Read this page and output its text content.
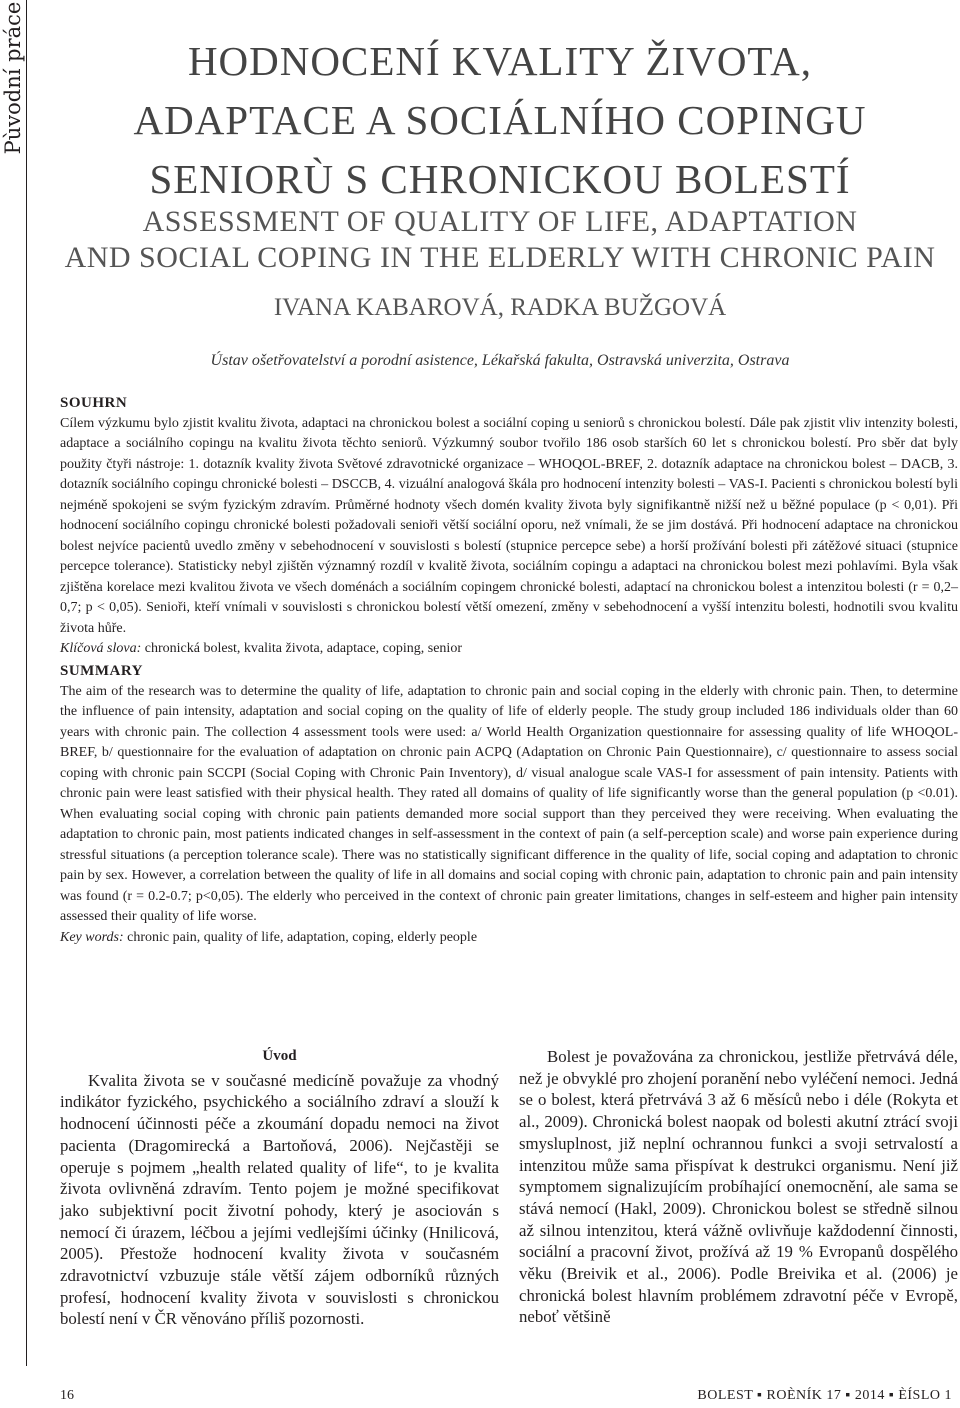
Pùvodní práce	HODNOCENÍ KVALITY ŽIVOTA,
ADAPTACE A SOCIÁLNÍHO COPINGU
SENIORÙ S CHRONICKOU BOLESTÍ
ASSESSMENT OF QUALITY OF LIFE, ADAPTATION
AND SOCIAL COPING IN THE ELDERLY WITH CHRONIC PAIN
IVANA KABAROVÁ, RADKA BUŽGOVÁ
Ústav ošetřovatelství a porodní asistence, Lékařská fakulta, Ostravská univerzita, Ostrava
SOUHRN

Cílem výzkumu bylo zjistit kvalitu života, adaptaci na chronickou bolest a sociální coping u seniorů s chronickou bolestí. Dále pak zjistit vliv intenzity bolesti, adaptace a sociálního copingu na kvalitu života těchto seniorů. Výzkumný soubor tvořilo 186 osob starších 60 let s chronickou bolestí. Pro sběr dat byly použity čtyři nástroje: 1. dotazník kvality života Světové zdravotnické organizace – WHOQOL-BREF, 2. dotazník adaptace na chronickou bolest – DACB, 3. dotazník sociálního copingu chronické bolesti – DSCCB, 4. vizuální analogová škála pro hodnocení intenzity bolesti – VAS-I. Pacienti s chronickou bolestí byli nejméně spokojeni se svým fyzickým zdravím. Průměrné hodnoty všech domén kvality života byly signifikantně nižší než u běžné populace (p < 0,01). Při hodnocení sociálního copingu chronické bolesti požadovali senioři větší sociální oporu, než vnímali, že se jim dostává. Při hodnocení adaptace na chronickou bolest nejvíce pacientů uvedlo změny v sebehodnocení v souvislosti s bolestí (stupnice percepce sebe) a horší prožívání bolesti při zátěžové situaci (stupnice percepce tolerance). Statisticky nebyl zjištěn významný rozdíl v kvalitě života, sociálním copingu a adaptaci na chronickou bolest mezi pohlavími. Byla však zjištěna korelace mezi kvalitou života ve všech doménách a sociálním copingem chronické bolesti, adaptací na chronickou bolest a intenzitou bolesti (r = 0,2–0,7; p < 0,05). Senioři, kteří vnímali v souvislosti s chronickou bolestí větší omezení, změny v sebehodnocení a vyšší intenzitu bolesti, hodnotili svou kvalitu života hůře.

Klíčová slova: chronická bolest, kvalita života, adaptace, coping, senior

SUMMARY

The aim of the research was to determine the quality of life, adaptation to chronic pain and social coping in the elderly with chronic pain. Then, to determine the influence of pain intensity, adaptation and social coping on the quality of life of elderly people. The study group included 186 individuals older than 60 years with chronic pain. The collection 4 assessment tools were used: a/ World Health Organization questionnaire for assessing quality of life WHOQOL-BREF, b/ questionnaire for the evaluation of adaptation on chronic pain ACPQ (Adaptation on Chronic Pain Questionnaire), c/ questionnaire to assess social coping with chronic pain SCCPI (Social Coping with Chronic Pain Inventory), d/ visual analogue scale VAS-I for assessment of pain intensity. Patients with chronic pain were least satisfied with their physical health. They rated all domains of quality of life significantly worse than the general population (p <0.01). When evaluating social coping with chronic pain patients demanded more social support than they perceived they were receiving. When evaluating the adaptation to chronic pain, most patients indicated changes in self-assessment in the context of pain (a self-perception scale) and worse pain experience during stressful situations (a perception tolerance scale). There was no statistically significant difference in the quality of life, social coping and adaptation to chronic pain by sex. However, a correlation between the quality of life in all domains and social coping with chronic pain, adaptation to chronic pain and pain intensity was found (r = 0.2-0.7; p<0,05). The elderly who perceived in the context of chronic pain greater limitations, changes in self-esteem and higher pain intensity assessed their quality of life worse.

Key words: chronic pain, quality of life, adaptation, coping, elderly people

Úvod

Kvalita života se v současné medicíně považuje za vhodný indikátor fyzického, psychického a sociálního zdraví a slouží k hodnocení účinnosti péče a zkoumání dopadu nemoci na život pacienta (Dragomirecká a Bartoňová, 2006). Nejčastěji se operuje s pojmem „health related quality of life“, to je kvalita života ovlivněná zdravím. Tento pojem je možné specifikovat jako subjektivní pocit životní pohody, který je asociován s nemocí či úrazem, léčbou a jejími vedlejšími účinky (Hnilicová, 2005). Přestože hodnocení kvality života v současném zdravotnictví vzbuzuje stále větší zájem odborníků různých profesí, hodnocení kvality života v souvislosti s chronickou bolestí není v ČR věnováno příliš pozornosti.

Bolest je považována za chronickou, jestliže přetrvává déle, než je obvyklé pro zhojení poranění nebo vyléčení nemoci. Jedná se o bolest, která přetrvává 3 až 6 měsíců nebo i déle (Rokyta et al., 2009). Chronická bolest naopak od bolesti akutní ztrácí svoji smysluplnost, již neplní ochrannou funkci a svoji setrvalostí a intenzitou může sama přispívat k destrukci organismu. Není již symptomem signalizujícím probíhající onemocnění, ale sama se stává nemocí (Hakl, 2009). Chronickou bolest se středně silnou až silnou intenzitou, která vážně ovlivňuje každodenní činnosti, sociální a pracovní život, prožívá až 19 % Evropanů dospělého věku (Breivik et al., 2006). Podle Breivika et al. (2006) je chronická bolest hlavním problémem zdravotní péče v Evropě, neboť většině

16	BOLEST ▪ ROÈNÍK 17 ▪ 2014 ▪ ÈÍSLO 1
